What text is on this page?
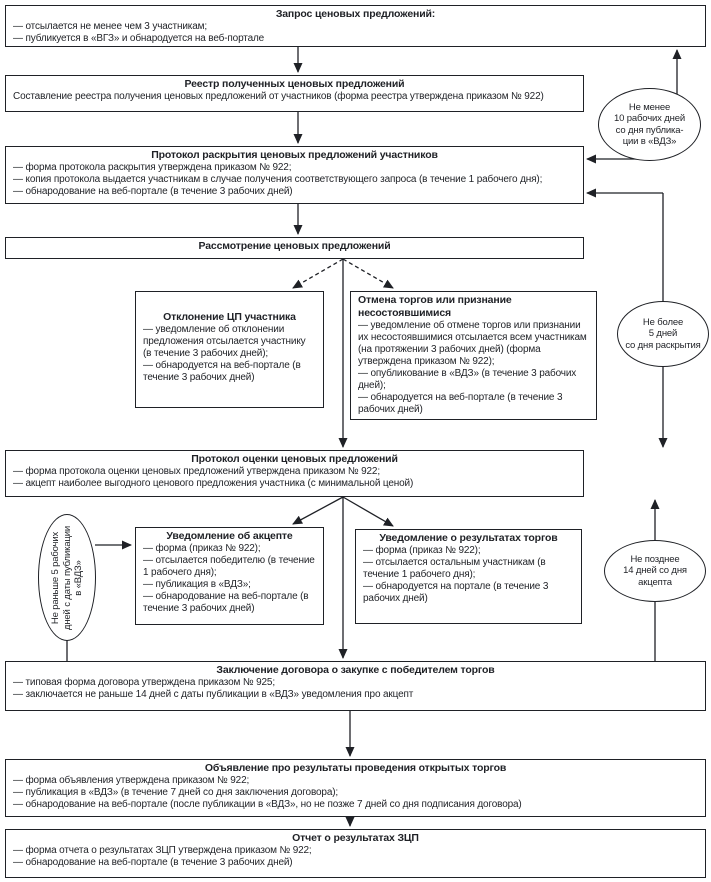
Запрос ценовых предложений:
— отсылается не менее чем 3 участникам;
— публикуется в «ВГЗ» и обнародуется на веб-портале
Реестр полученных ценовых предложений
Составление реестра получения ценовых предложений от участников (форма реестра утверждена приказом № 922)
Протокол раскрытия ценовых предложений участников
— форма протокола раскрытия утверждена приказом № 922;
— копия протокола выдается участникам в случае получения соответствующего запроса (в течение 1 рабочего дня);
— обнародование на веб-портале (в течение 3 рабочих дней)
Рассмотрение ценовых предложений
Отклонение ЦП участника
— уведомление об отклонении предложения отсылается участнику (в течение 3 рабочих дней);
— обнародуется на веб-портале (в течение 3 рабочих дней)
Отмена торгов или признание несостоявшимися
— уведомление об отмене торгов или признании их несостоявшимися отсылается всем участникам (на протяжении 3 рабочих дней) (форма утверждена приказом № 922);
— опубликование в «ВДЗ» (в течение 3 рабочих дней);
— обнародуется на веб-портале (в течение 3 рабочих дней)
Протокол оценки ценовых предложений
— форма протокола оценки ценовых предложений утверждена приказом № 922;
— акцепт наиболее выгодного ценового предложения участника (с минимальной ценой)
Уведомление об акцепте
— форма (приказ № 922);
— отсылается победителю (в течение 1 рабочего дня);
— публикация в «ВДЗ»;
— обнародование на веб-портале (в течение 3 рабочих дней)
Уведомление о результатах торгов
— форма (приказ № 922);
— отсылается остальным участникам (в течение 1 рабочего дня);
— обнародуется на портале (в течение 3 рабочих дней)
Заключение договора о закупке с победителем торгов
— типовая форма договора утверждена приказом № 925;
— заключается не раньше 14 дней с даты публикации в «ВДЗ» уведомления про акцепт
Объявление про результаты проведения открытых торгов
— форма объявления утверждена приказом № 922;
— публикация в «ВДЗ» (в течение 7 дней со дня заключения договора);
— обнародование на веб-портале (после публикации в «ВДЗ», но не позже 7 дней со дня подписания договора)
Отчет о результатах ЗЦП
— форма отчета о результатах ЗЦП утверждена приказом № 922;
— обнародование на веб-портале (в течение 3 рабочих дней)
Не менее
10 рабочих дней
со дня публика-
ции в «ВДЗ»
Не более
5 дней
со дня раскрытия
Не позднее
14 дней со дня
акцепта
Не раньше 5 рабочих дней с даты публикации в «ВДЗ»
